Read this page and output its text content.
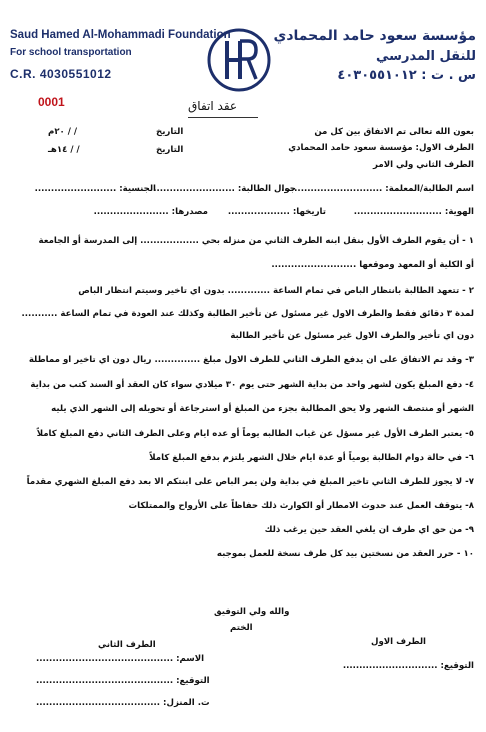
Saud Hamed Al-Mohammadi Foundation
For school transportation
C.R. 4030551012
0001
مؤسسة سعود حامد المحمادي
للنقل المدرسي
س . ت : ٤٠٣٠٥٥١٠١٢
عقد اتفاق
التاريخ
/ / ٢٠م
التاريخ
/ / ١٤هـ
بعون الله تعالى تم الاتفاق بين كل من
الطرف الاول: مؤسسة سعود حامد المحمادي
الطرف الثاني ولي الامر
اسم الطالبة/المعلمة: ...............................
جوال الطالبة: .........................
الجنسية: .........................
الهوية: ...........................
تاريخها: ...................
مصدرها: .......................
١ - أن يقوم الطرف الأول بنقل ابنه الطرف الثاني من منزله بحي .................. إلى المدرسة أو الجامعة
أو الكلية أو المعهد وموقعها ..........................
٢ - تتعهد الطالبة بانتظار الباص في تمام الساعة ............. بدون اي تاخير وسيتم انتظار الباص
لمدة ٣ دقائق فقط والطرف الاول غير مسئول عن تأخير الطالبة وكذلك عند العودة في تمام الساعة ...........
دون اي تأخير والطرف الاول غير مسئول عن تأخير الطالبة
٣- وقد تم الاتفاق على ان يدفع الطرف الثاني للطرف الاول مبلغ .............. ريال دون اي تاخير او مماطلة
٤- دفع المبلغ يكون لشهر واحد من بداية الشهر حتى يوم ٣٠ ميلادي سواء كان العقد أو السند كتب من بداية
الشهر أو منتصف الشهر ولا يحق المطالبة بجزء من المبلغ أو استرجاعة أو تحويله إلى الشهر الذي يليه
٥- يعتبر الطرف الأول غير مسؤل عن غياب الطالبه يوماً أو عده ايام وعلى الطرف الثاني دفع المبلغ كاملاً
٦- في حالة دوام الطالبة يومياً أو عدة ايام خلال الشهر يلتزم بدفع المبلغ كاملاً
٧- لا يجوز للطرف الثاني تاخير المبلغ في بداية ولن يمر الباص على ابنتكم الا بعد دفع المبلغ الشهري مقدماً
٨- يتوقف العمل عند حدوث الامطار أو الكوارث ذلك حفاظاً على الأرواح والممتلكات
٩- من حق اي طرف ان يلغي العقد حين يرغب ذلك
١٠ - حرر العقد من نسختين بيد كل طرف نسخة للعمل بموجبه
والله ولي التوفيق
الختم
الطرف الاول
التوقيع: .............................
الطرف الثاني
الاسم: ..........................................
التوقيع: ..........................................
ت. المنزل: ......................................
